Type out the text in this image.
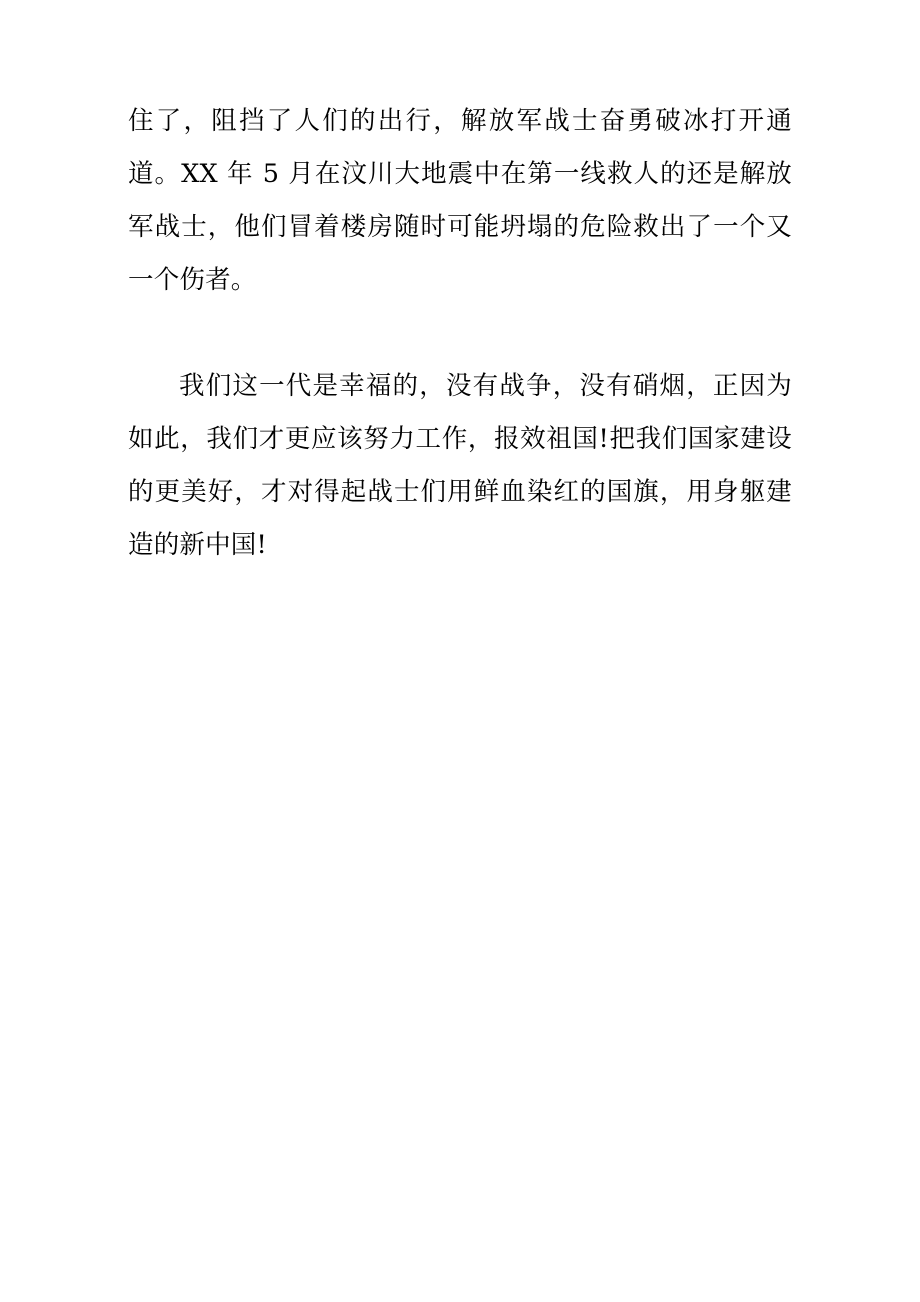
住了，阻挡了人们的出行，解放军战士奋勇破冰打开通道。XX 年 5 月在汶川大地震中在第一线救人的还是解放军战士，他们冒着楼房随时可能坍塌的危险救出了一个又一个伤者。

我们这一代是幸福的，没有战争，没有硝烟，正因为如此，我们才更应该努力工作，报效祖国!把我们国家建设的更美好，才对得起战士们用鲜血染红的国旗，用身躯建造的新中国!
